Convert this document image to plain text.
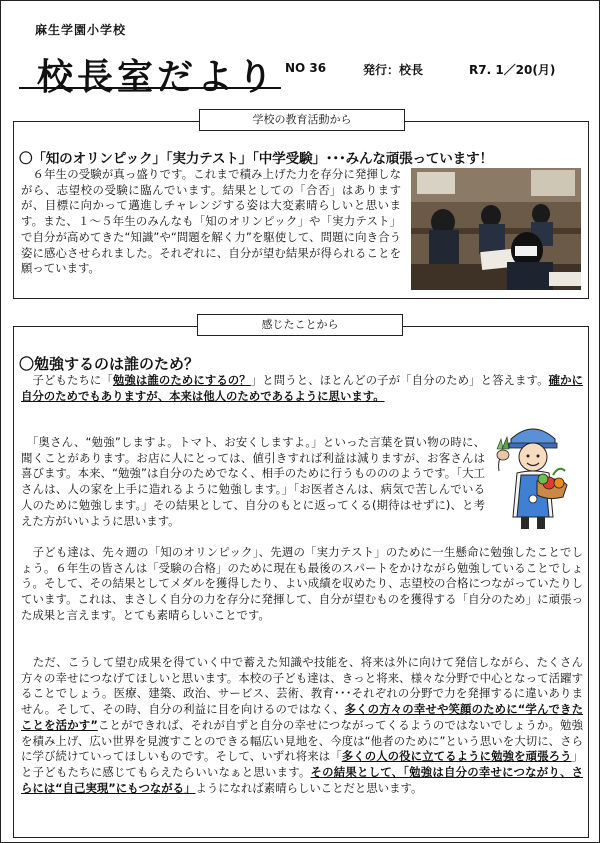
麻生学園小学校
校長室だより NO 36	発行：校長	R7. 1／20(月)
学校の教育活動から
〇「知のオリンピック」「実力テスト」「中学受験」･･･みんな頑張っています！
　６年生の受験が真っ盛りです。これまで積み上げた力を存分に発揮しながら、志望校の受験に臨んでいます。結果としての「合否」はありますが、目標に向かって邁進しチャレンジする姿は大変素晴らしいと思います。また、１～５年生のみんなも「知のオリンピック」や「実力テスト」で自分が高めてきた“知識”や“問題を解く力”を駆使して、問題に向き合う姿に感心させられました。それぞれに、自分が望む結果が得られることを願っています。
感じたことから
〇勉強するのは誰のため？
　子どもたちに「勉強は誰のためにするの？」と問うと、ほとんどの子が「自分のため」と答えます。確かに自分のためでもありますが、本来は他人のためであるように思います。
　「奥さん、“勉強”しますよ。トマト、お安くしますよ。」といった言葉を買い物の時に、聞くことがあります。お店に人にとっては、値引きすれば利益は減りますが、お客さんは喜びます。本来、“勉強”は自分のためでなく、相手のために行うものののようです。「大工さんは、人の家を上手に造れるように勉強します。」「お医者さんは、病気で苦しんでいる人のために勉強します。」その結果として、自分のもとに返ってくる(期待はせずに)、と考えた方がいいように思います。
　子ども達は、先々週の「知のオリンピック」、先週の「実力テスト」のために一生懸命に勉強したことでしょう。６年生の皆さんは「受験の合格」のために現在も最後のスパートをかけながら勉強していることでしょう。そして、その結果としてメダルを獲得したり、よい成績を収めたり、志望校の合格につながっていたりしています。これは、まさしく自分の力を存分に発揮して、自分が望むものを獲得する「自分のため」に頑張った成果と言えます。とても素晴らしいことです。
　ただ、こうして望む成果を得ていく中で蓄えた知識や技能を、将来は外に向けて発信しながら、たくさん方々の幸せにつなげてほしいと思います。本校の子ども達は、きっと将来、様々な分野で中心となって活躍することでしょう。医療、建築、政治、サービス、芸術、教育･･･それぞれの分野で力を発揮するに違いありません。そして、その時、自分の利益に目を向けるのではなく、多くの方々の幸せや笑顔のために“学んできたことを活かす”ことができれば、それが自ずと自分の幸せにつながってくるようのではないでしょうか。勉強を積み上げ、広い世界を見渡すことのできる幅広い見地を、今度は“他者のために”という思いを大切に、さらに学び続けていってほしいものです。そして、いずれ将来は「多くの人の役に立てるように勉強を頑張ろう」と子どもたちに感じてもらえたらいいなぁと思います。その結果として、「勉強は自分の幸せにつながり、さらには“自己実現”にもつながる」ようになれば素晴らしいことだと思います。
